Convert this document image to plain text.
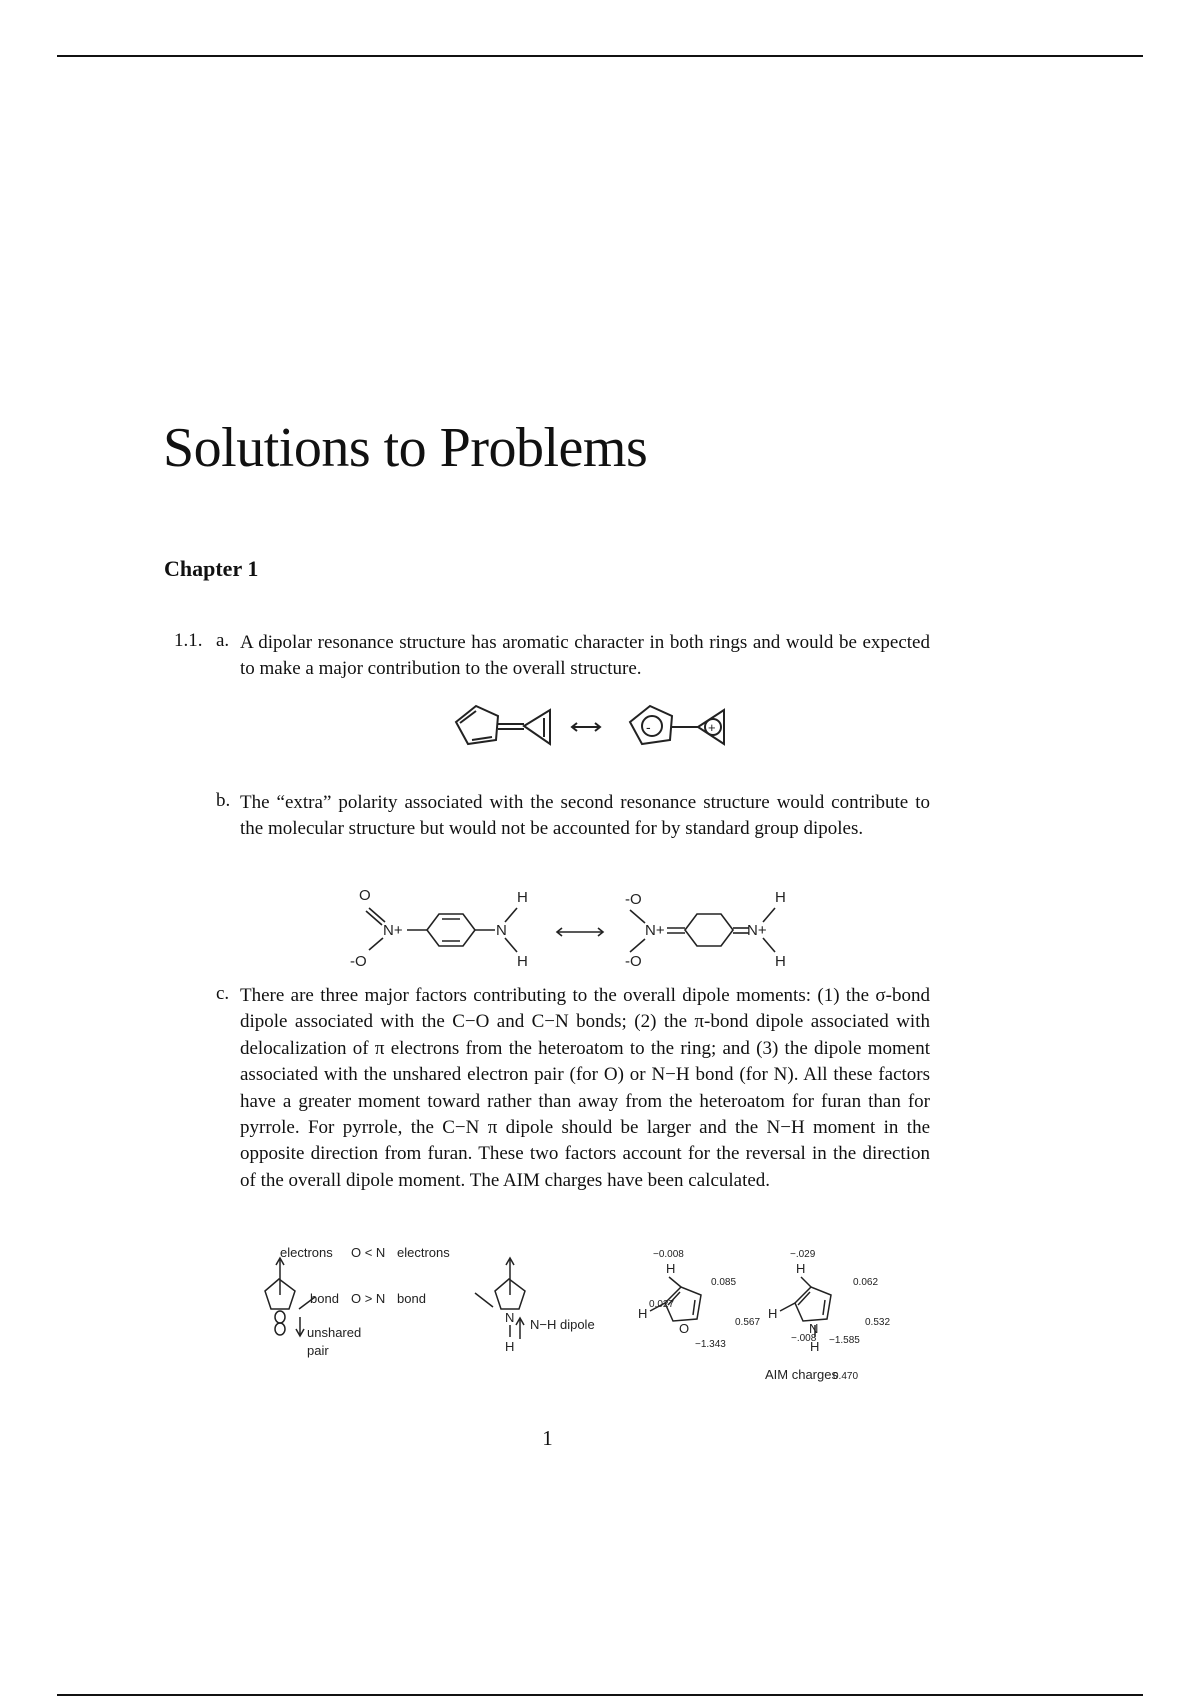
Solutions to Problems
Chapter 1
1.1. a. A dipolar resonance structure has aromatic character in both rings and would be expected to make a major contribution to the overall structure.

-	+
b. The “extra” polarity associated with the second resonance structure would contribute to the molecular structure but would not be accounted for by standard group dipoles.

O
-O
N+	N
H
H
-O
-O
N+	N+
H
H
c. There are three major factors contributing to the overall dipole moments: (1) the σ-bond dipole associated with the C−O and C−N bonds; (2) the π-bond dipole associated with delocalization of π electrons from the heteroatom to the ring; and (3) the dipole moment associated with the unshared electron pair (for O) or N−H bond (for N). All these factors have a greater moment toward rather than away from the heteroatom for furan than for pyrrole. For pyrrole, the C−N π dipole should be larger and the N−H moment in the opposite direction from furan. These two factors account for the reversal in the direction of the overall dipole moment. The AIM charges have been calculated.

electrons O < N electrons
bond O > N bond
unshared
pair
N−H dipole
N
H
O
H
H
N
H
H
H
AIM charges
−0.008
0.085
0.027
0.567
−1.343
−.029
0.062
0.532
−.008 −1.585
0.470
1
